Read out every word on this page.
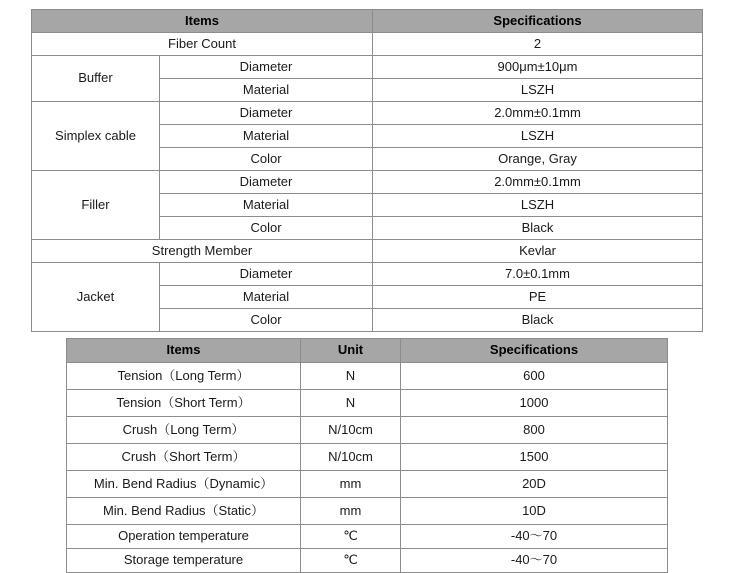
Items		Specifications
Fiber Count		2
Buffer	Diameter	900μm±10μm
	Material	LSZH
Simplex cable	Diameter	2.0mm±0.1mm
	Material	LSZH
	Color	Orange, Gray
Filler	Diameter	2.0mm±0.1mm
	Material	LSZH
	Color	Black
Strength Member		Kevlar
Jacket	Diameter	7.0±0.1mm
	Material	PE
	Color	Black
Items	Unit	Specifications
Tension（Long Term）	N	600
Tension（Short Term）	N	1000
Crush（Long Term）	N/10cm	800
Crush（Short Term）	N/10cm	1500
Min. Bend Radius（Dynamic）	mm	20D
Min. Bend Radius（Static）	mm	10D
Operation temperature	℃	-40～70
Storage temperature	℃	-40～70
